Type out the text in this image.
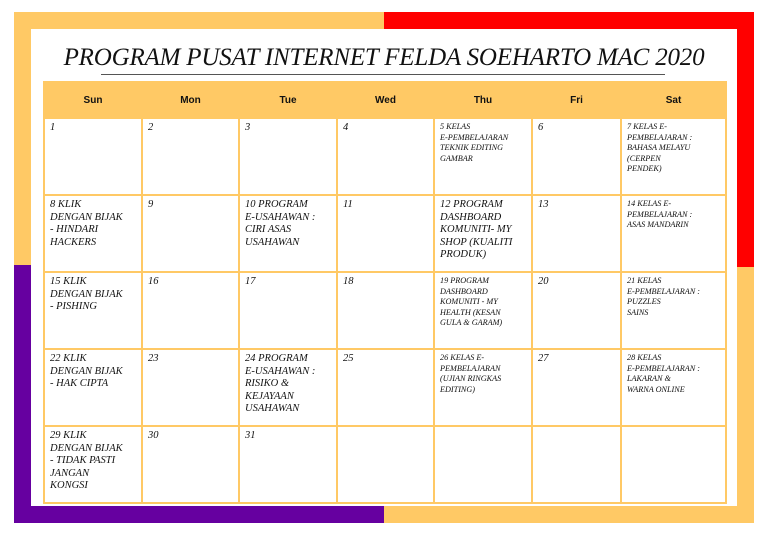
PROGRAM PUSAT INTERNET FELDA SOEHARTO MAC 2020
Sun	Mon	Tue	Wed	Thu	Fri	Sat

1	2	3	4	5 KELAS
E-PEMBELAJARAN
TEKNIK EDITING
GAMBAR	6	7 KELAS E-
PEMBELAJARAN :
BAHASA MELAYU
(CERPEN
PENDEK)

8 KLIK
DENGAN BIJAK
- HINDARI
HACKERS	9	10 PROGRAM
E-USAHAWAN :
CIRI ASAS
USAHAWAN	11	12 PROGRAM
DASHBOARD
KOMUNITI- MY
SHOP (KUALITI
PRODUK)	13	14 KELAS E-
PEMBELAJARAN :
ASAS MANDARIN

15 KLIK
DENGAN BIJAK
- PISHING	16	17	18	19 PROGRAM
DASHBOARD
KOMUNITI - MY
HEALTH (KESAN
GULA & GARAM)	20	21 KELAS
E-PEMBELAJARAN :
PUZZLES
SAINS

22 KLIK
DENGAN BIJAK
- HAK CIPTA	23	24 PROGRAM
E-USAHAWAN :
RISIKO &
KEJAYAAN
USAHAWAN	25	26 KELAS E-
PEMBELAJARAN
(UJIAN RINGKAS
EDITING)	27	28 KELAS
E-PEMBELAJARAN :
LAKARAN &
WARNA ONLINE

29 KLIK
DENGAN BIJAK
- TIDAK PASTI
JANGAN
KONGSI	30	31				
